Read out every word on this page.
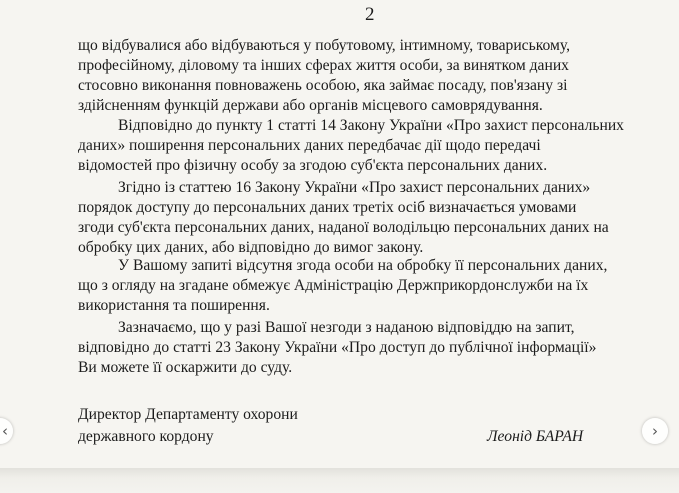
2
що відбувалися або відбуваються у побутовому, інтимному, товариському,
професійному, діловому та інших сферах життя особи, за винятком даних
стосовно виконання повноважень особою, яка займає посаду, пов'язану зі
здійсненням функцій держави або органів місцевого самоврядування.
Відповідно до пункту 1 статті 14 Закону України «Про захист персональних
даних» поширення персональних даних передбачає дії щодо передачі
відомостей про фізичну особу за згодою суб'єкта персональних даних.
Згідно із статтею 16 Закону України «Про захист персональних даних»
порядок доступу до персональних даних третіх осіб визначається умовами
згоди суб'єкта персональних даних, наданої володільцю персональних даних на
обробку цих даних, або відповідно до вимог закону.
У Вашому запиті відсутня згода особи на обробку її персональних даних,
що з огляду на згадане обмежує Адміністрацію Держприкордонслужби на їх
використання та поширення.
Зазначаємо, що у разі Вашої незгоди з наданою відповіддю на запит,
відповідно до статті 23 Закону України «Про доступ до публічної інформації»
Ви можете її оскаржити до суду.
Директор Департаменту охорони
державного кордону	Леонід БАРАН
‹	›
